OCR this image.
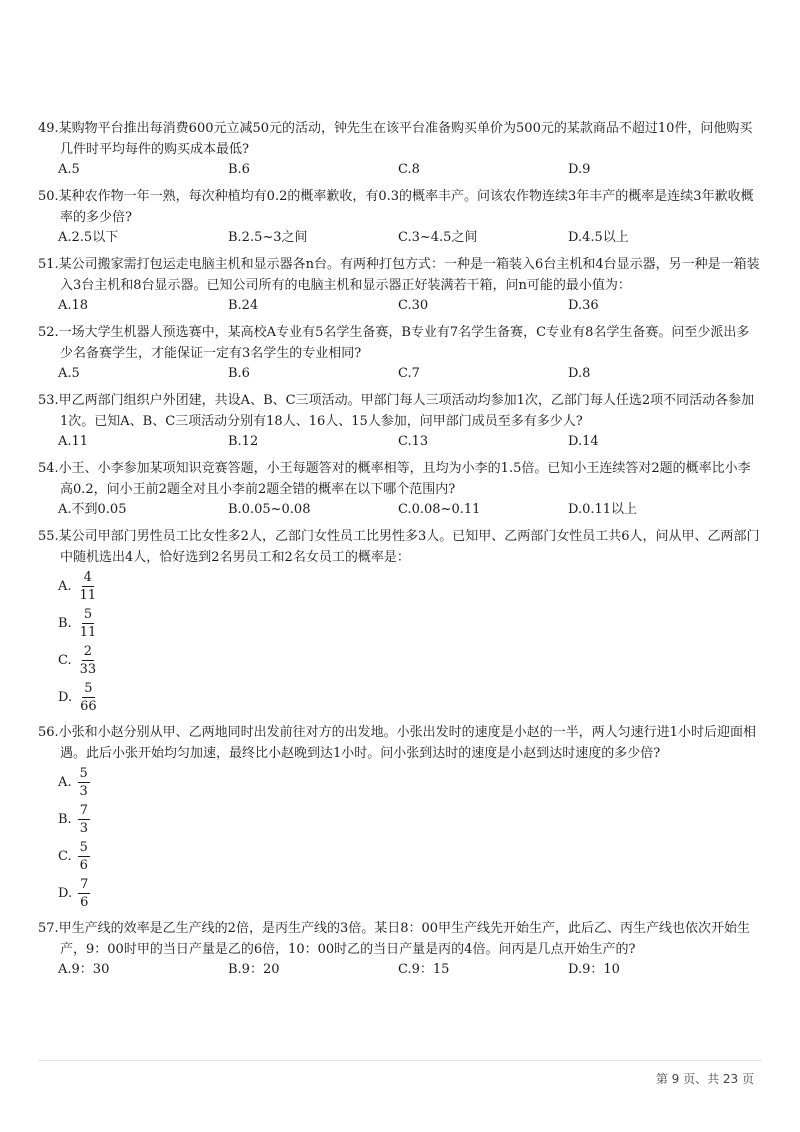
49.某购物平台推出每消费600元立减50元的活动，钟先生在该平台准备购买单价为500元的某款商品不超过10件，问他购买几件时平均每件的购买成本最低?
A.5	B.6	C.8	D.9
50.某种农作物一年一熟，每次种植均有0.2的概率歉收，有0.3的概率丰产。问该农作物连续3年丰产的概率是连续3年歉收概率的多少倍?
A.2.5以下	B.2.5~3之间	C.3~4.5之间	D.4.5以上
51.某公司搬家需打包运走电脑主机和显示器各n台。有两种打包方式：一种是一箱装入6台主机和4台显示器，另一种是一箱装入3台主机和8台显示器。已知公司所有的电脑主机和显示器正好装满若干箱，问n可能的最小值为：
A.18	B.24	C.30	D.36
52.一场大学生机器人预选赛中，某高校A专业有5名学生备赛，B专业有7名学生备赛，C专业有8名学生备赛。问至少派出多少名备赛学生，才能保证一定有3名学生的专业相同?
A.5	B.6	C.7	D.8
53.甲乙两部门组织户外团建，共设A、B、C三项活动。甲部门每人三项活动均参加1次，乙部门每人任选2项不同活动各参加1次。已知A、B、C三项活动分别有18人、16人、15人参加，问甲部门成员至多有多少人?
A.11	B.12	C.13	D.14
54.小王、小李参加某项知识竞赛答题，小王每题答对的概率相等，且均为小李的1.5倍。已知小王连续答对2题的概率比小李高0.2，问小王前2题全对且小李前2题全错的概率在以下哪个范围内?
A.不到0.05	B.0.05~0.08	C.0.08~0.11	D.0.11以上
55.某公司甲部门男性员工比女性多2人，乙部门女性员工比男性多3人。已知甲、乙两部门女性员工共6人，问从甲、乙两部门中随机选出4人，恰好选到2名男员工和2名女员工的概率是：
A. $\frac{4}{11}$
B. $\frac{5}{11}$
C. $\frac{2}{33}$
D. $\frac{5}{66}$
56.小张和小赵分别从甲、乙两地同时出发前往对方的出发地。小张出发时的速度是小赵的一半，两人匀速行进1小时后迎面相遇。此后小张开始均匀加速，最终比小赵晚到达1小时。问小张到达时的速度是小赵到达时速度的多少倍?
A. $\frac{5}{3}$
B. $\frac{7}{3}$
C. $\frac{5}{6}$
D. $\frac{7}{6}$
57.甲生产线的效率是乙生产线的2倍，是丙生产线的3倍。某日8：00甲生产线先开始生产，此后乙、丙生产线也依次开始生产，9：00时甲的当日产量是乙的6倍，10：00时乙的当日产量是丙的4倍。问丙是几点开始生产的?
A.9：30	B.9：20	C.9：15	D.9：10
第 9 页、共 23 页
